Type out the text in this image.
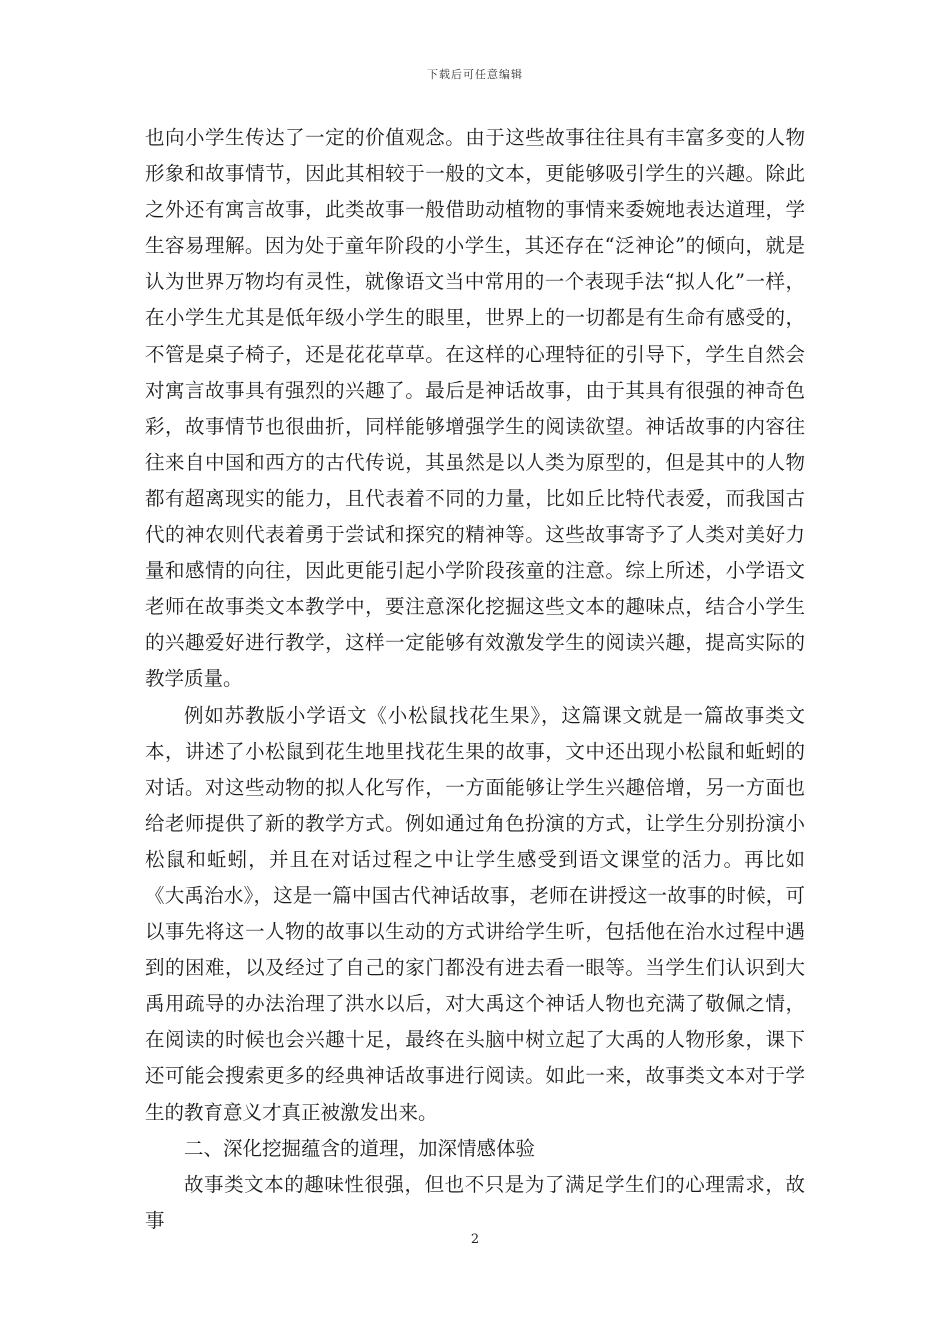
下载后可任意编辑

也向小学生传达了一定的价值观念。由于这些故事往往具有丰富多变的人物形象和故事情节，因此其相较于一般的文本，更能够吸引学生的兴趣。除此之外还有寓言故事，此类故事一般借助动植物的事情来委婉地表达道理，学生容易理解。因为处于童年阶段的小学生，其还存在“泛神论”的倾向，就是认为世界万物均有灵性，就像语文当中常用的一个表现手法“拟人化”一样，在小学生尤其是低年级小学生的眼里，世界上的一切都是有生命有感受的，不管是桌子椅子，还是花花草草。在这样的心理特征的引导下，学生自然会对寓言故事具有强烈的兴趣了。最后是神话故事，由于其具有很强的神奇色彩，故事情节也很曲折，同样能够增强学生的阅读欲望。神话故事的内容往往来自中国和西方的古代传说，其虽然是以人类为原型的，但是其中的人物都有超离现实的能力，且代表着不同的力量，比如丘比特代表爱，而我国古代的神农则代表着勇于尝试和探究的精神等。这些故事寄予了人类对美好力量和感情的向往，因此更能引起小学阶段孩童的注意。综上所述，小学语文老师在故事类文本教学中，要注意深化挖掘这些文本的趣味点，结合小学生的兴趣爱好进行教学，这样一定能够有效激发学生的阅读兴趣，提高实际的教学质量。

例如苏教版小学语文《小松鼠找花生果》，这篇课文就是一篇故事类文本，讲述了小松鼠到花生地里找花生果的故事，文中还出现小松鼠和蚯蚓的对话。对这些动物的拟人化写作，一方面能够让学生兴趣倍增，另一方面也给老师提供了新的教学方式。例如通过角色扮演的方式，让学生分别扮演小松鼠和蚯蚓，并且在对话过程之中让学生感受到语文课堂的活力。再比如《大禹治水》，这是一篇中国古代神话故事，老师在讲授这一故事的时候，可以事先将这一人物的故事以生动的方式讲给学生听，包括他在治水过程中遇到的困难，以及经过了自己的家门都没有进去看一眼等。当学生们认识到大禹用疏导的办法治理了洪水以后，对大禹这个神话人物也充满了敬佩之情，在阅读的时候也会兴趣十足，最终在头脑中树立起了大禹的人物形象，课下还可能会搜索更多的经典神话故事进行阅读。如此一来，故事类文本对于学生的教育意义才真正被激发出来。

二、深化挖掘蕴含的道理，加深情感体验

故事类文本的趣味性很强，但也不只是为了满足学生们的心理需求，故事

2
